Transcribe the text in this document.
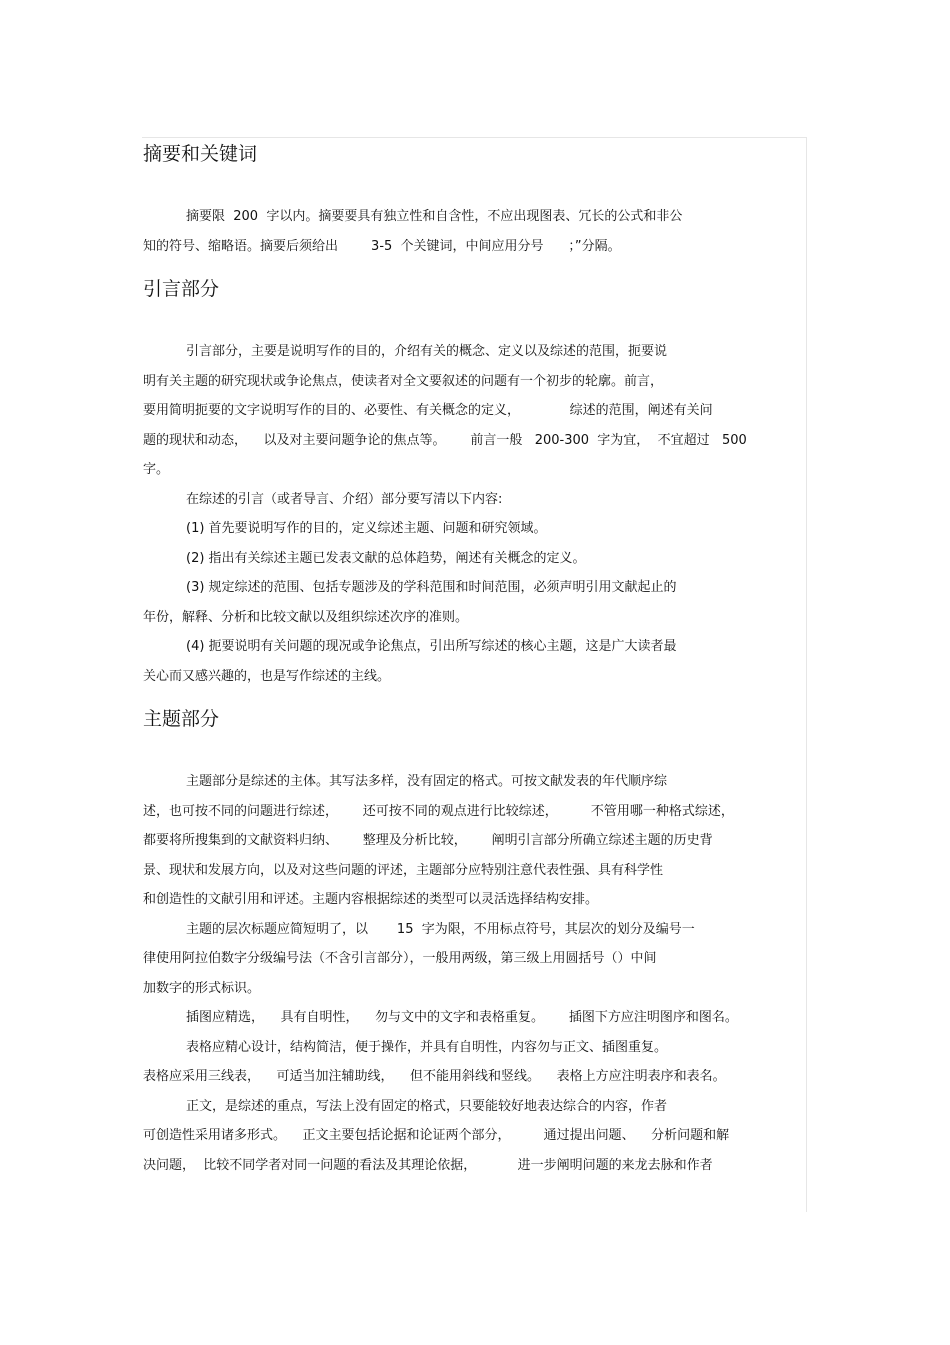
摘要和关键词
摘要限  200  字以内。摘要要具有独立性和自含性，不应出现图表、冗长的公式和非公
知的符号、缩略语。摘要后须给出        3-5  个关键词，中间应用分号      ；”分隔。
引言部分
引言部分，主要是说明写作的目的，介绍有关的概念、定义以及综述的范围，扼要说
明有关主题的研究现状或争论焦点，使读者对全文要叙述的问题有一个初步的轮廓。前言，
要用简明扼要的文字说明写作的目的、必要性、有关概念的定义，            综述的范围，阐述有关问
题的现状和动态，    以及对主要问题争论的焦点等。      前言一般   200-300  字为宜，  不宜超过   500
字。
在综述的引言（或者导言、介绍）部分要写清以下内容:
(1) 首先要说明写作的目的，定义综述主题、问题和研究领域。
(2) 指出有关综述主题已发表文献的总体趋势，阐述有关概念的定义。
(3) 规定综述的范围、包括专题涉及的学科范围和时间范围，必须声明引用文献起止的
年份，解释、分析和比较文献以及组织综述次序的准则。
(4) 扼要说明有关问题的现况或争论焦点，引出所写综述的核心主题，这是广大读者最
关心而又感兴趣的，也是写作综述的主线。
主题部分
主题部分是综述的主体。其写法多样，没有固定的格式。可按文献发表的年代顺序综
述，也可按不同的问题进行综述，      还可按不同的观点进行比较综述，        不管用哪一种格式综述，
都要将所搜集到的文献资料归纳、      整理及分析比较，      阐明引言部分所确立综述主题的历史背
景、现状和发展方向，以及对这些问题的评述，主题部分应特别注意代表性强、具有科学性
和创造性的文献引用和评述。主题内容根据综述的类型可以灵活选择结构安排。
主题的层次标题应简短明了，以       15  字为限，不用标点符号，其层次的划分及编号一
律使用阿拉伯数字分级编号法（不含引言部分），一般用两级，第三级上用圆括号（）中间
加数字的形式标识。
插图应精选，    具有自明性，    勿与文中的文字和表格重复。      插图下方应注明图序和图名。
表格应精心设计，结构简洁，便于操作，并具有自明性，内容勿与正文、插图重复。
表格应采用三线表，    可适当加注辅助线，    但不能用斜线和竖线。    表格上方应注明表序和表名。
正文，是综述的重点，写法上没有固定的格式，只要能较好地表达综合的内容，作者
可创造性采用诸多形式。    正文主要包括论据和论证两个部分，        通过提出问题、    分析问题和解
决问题，  比较不同学者对同一问题的看法及其理论依据，          进一步阐明问题的来龙去脉和作者
